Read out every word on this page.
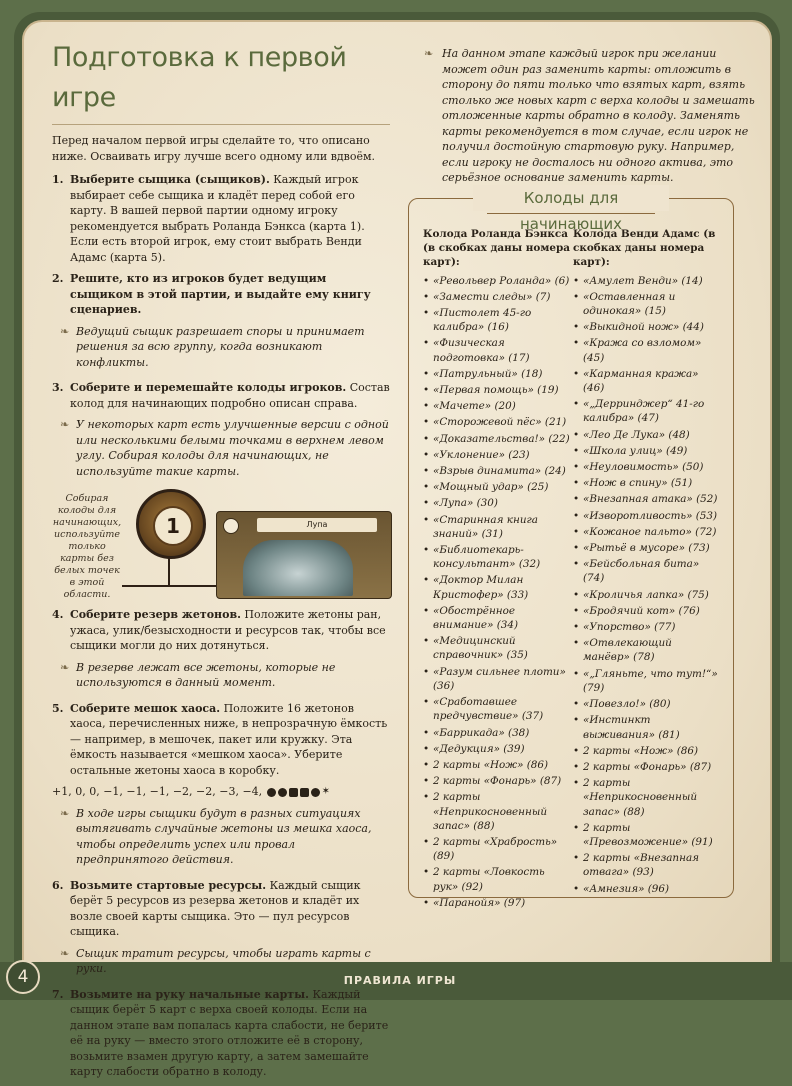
4	ПРАВИЛА ИГРЫ
Подготовка к первой игре

Перед началом первой игры сделайте то, что описано ниже. Осваивать игру лучше всего одному или вдвоём.

1. Выберите сыщика (сыщиков). Каждый игрок выбирает себе сыщика и кладёт перед собой его карту. В вашей первой партии одному игроку рекомендуется выбрать Роланда Бэнкса (карта 1). Если есть второй игрок, ему стоит выбрать Венди Адамс (карта 5).
2. Решите, кто из игроков будет ведущим сыщиком в этой партии, и выдайте ему книгу сценариев.
❧ Ведущий сыщик разрешает споры и принимает решения за всю группу, когда возникают конфликты.
3. Соберите и перемешайте колоды игроков. Состав колод для начинающих подробно описан справа.
❧ У некоторых карт есть улучшенные версии с одной или несколькими белыми точками в верхнем левом углу. Собирая колоды для начинающих, не используйте такие карты.
Собирая колоды для начинающих, используйте только карты без белых точек в этой области.
1	Лупа
4. Соберите резерв жетонов. Положите жетоны ран, ужаса, улик/безысходности и ресурсов так, чтобы все сыщики могли до них дотянуться.
❧ В резерве лежат все жетоны, которые не используются в данный момент.
5. Соберите мешок хаоса. Положите 16 жетонов хаоса, перечисленных ниже, в непрозрачную ёмкость — например, в мешочек, пакет или кружку. Эта ёмкость называется «мешком хаоса». Уберите остальные жетоны хаоса в коробку.
+1, 0, 0, −1, −1, −1, −2, −2, −3, −4,	✶
❧ В ходе игры сыщики будут в разных ситуациях вытягивать случайные жетоны из мешка хаоса, чтобы определить успех или провал предпринятого действия.
6. Возьмите стартовые ресурсы. Каждый сыщик берёт 5 ресурсов из резерва жетонов и кладёт их возле своей карты сыщика. Это — пул ресурсов сыщика.
❧ Сыщик тратит ресурсы, чтобы играть карты с руки.
7. Возьмите на руку начальные карты. Каждый сыщик берёт 5 карт с верха своей колоды. Если на данном этапе вам попалась карта слабости, не берите её на руку — вместо этого отложите её в сторону, возьмите взамен другую карту, а затем замешайте карту слабости обратно в колоду.
❧ На данном этапе каждый игрок при желании может один раз заменить карты: отложить в сторону до пяти только что взятых карт, взять столько же новых карт с верха колоды и замешать отложенные карты обратно в колоду. Заменять карты рекомендуется в том случае, если игрок не получил достойную стартовую руку. Например, если игроку не досталось ни одного актива, это серьёзное основание заменить карты.
Колоды для начинающих
Колода Роланда Бэнкса (в скобках даны номера карт):
• «Револьвер Роланда» (6)
• «Замести следы» (7)
• «Пистолет 45-го калибра» (16)
• «Физическая подготовка» (17)
• «Патрульный» (18)
• «Первая помощь» (19)
• «Мачете» (20)
• «Сторожевой пёс» (21)
• «Доказательства!» (22)
• «Уклонение» (23)
• «Взрыв динамита» (24)
• «Мощный удар» (25)
• «Лупа» (30)
• «Старинная книга знаний» (31)
• «Библиотекарь-консультант» (32)
• «Доктор Милан Кристофер» (33)
• «Обострённое внимание» (34)
• «Медицинский справочник» (35)
• «Разум сильнее плоти» (36)
• «Сработавшее предчувствие» (37)
• «Баррикада» (38)
• «Дедукция» (39)
• 2 карты «Нож» (86)
• 2 карты «Фонарь» (87)
• 2 карты «Неприкосновенный запас» (88)
• 2 карты «Храбрость» (89)
• 2 карты «Ловкость рук» (92)
• «Паранойя» (97)
Колода Венди Адамс (в скобках даны номера карт):
• «Амулет Венди» (14)
• «Оставленная и одинокая» (15)
• «Выкидной нож» (44)
• «Кража со взломом» (45)
• «Карманная кража» (46)
• «„Дерринджер“ 41-го калибра» (47)
• «Лео Де Лука» (48)
• «Школа улиц» (49)
• «Неуловимость» (50)
• «Нож в спину» (51)
• «Внезапная атака» (52)
• «Изворотливость» (53)
• «Кожаное пальто» (72)
• «Рытьё в мусоре» (73)
• «Бейсбольная бита» (74)
• «Кроличья лапка» (75)
• «Бродячий кот» (76)
• «Упорство» (77)
• «Отвлекающий манёвр» (78)
• «„Гляньте, что тут!“» (79)
• «Повезло!» (80)
• «Инстинкт выживания» (81)
• 2 карты «Нож» (86)
• 2 карты «Фонарь» (87)
• 2 карты «Неприкосновенный запас» (88)
• 2 карты «Превозможение» (91)
• 2 карты «Внезапная отвага» (93)
• «Амнезия» (96)
